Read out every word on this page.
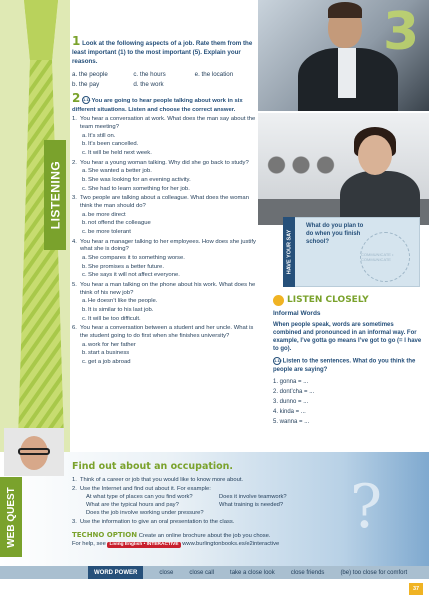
LISTENING
3
1 Look at the following aspects of a job. Rate them from the least important (1) to the most important (5). Explain your reasons.
a. the people	c. the hours	e. the location
b. the pay	d. the work
2 1.11 You are going to hear people talking about work in six different situations. Listen and choose the correct answer.
1. You hear a conversation at work. What does the man say about the team meeting?
a. It’s still on.
b. It’s been cancelled.
c. It will be held next week.
2. You hear a young woman talking. Why did she go back to study?
a. She wanted a better job.
b. She was looking for an evening activity.
c. She had to learn something for her job.
3. Two people are talking about a colleague. What does the woman think the man should do?
a. be more direct
b. not offend the colleague
c. be more tolerant
4. You hear a manager talking to her employees. How does she justify what she is doing?
a. She compares it to something worse.
b. She promises a better future.
c. She says it will not affect everyone.
5. You hear a man talking on the phone about his work. What does he think of his new job?
a. He doesn’t like the people.
b. It is similar to his last job.
c. It will be too difficult.
6. You hear a conversation between a student and her uncle. What is the student going to do first when she finishes university?
a. work for her father
b. start a business
c. get a job abroad
HAVE YOUR SAY
What do you plan to do when you finish school?
COMMUNICATE • COMMUNICATE
LISTEN CLOSELY
Informal Words
When people speak, words are sometimes combined and pronounced in an informal way. For example, I’ve gotta go means I’ve got to go (= I have to go).
1.12 Listen to the sentences. What do you think the people are saying?
1. gonna = ...
2. dont’cha = ...
3. dunno = ...
4. kinda = ...
5. wanna = ...
?
WEB QUEST
Find out about an occupation.
1. Think of a career or job that you would like to know more about.
2. Use the Internet and find out about it. For example:
At what type of places can you find work?	Does it involve teamwork?
What are the typical hours and pay?	What training is needed?
Does the job involve working under pressure?
3. Use the information to give an oral presentation to the class.
TECHNO OPTION Create an online brochure about the job you chose.
For help, see Living English • INTERACTIVE www.burlingtonbooks.es/e2interactive
WORD POWER	close	close call	take a close look	close friends	(be) too close for comfort
37
